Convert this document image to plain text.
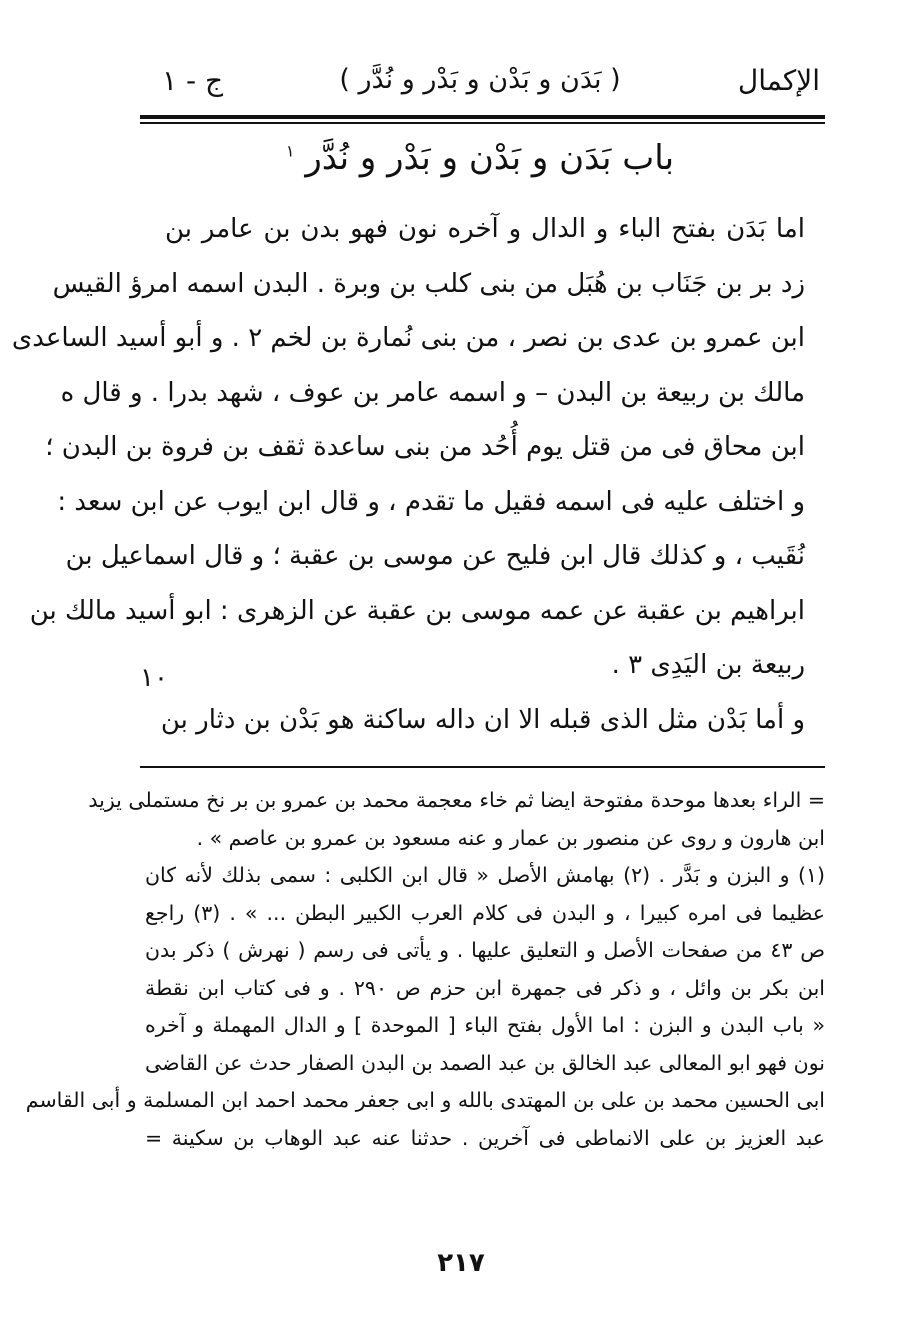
ج - ١	( بَدَن و بَدْن و بَدْر و نُدَّر )	الإكمال
باب بَدَن و بَدْن و بَدْر و نُدَّر $^١$
اما بَدَن بفتح الباء و الدال و آخره نون فهو بدن بن عامر بن
زد بر بن جَنَاب بن هُبَل من بنى كلب بن وبرة . البدن اسمه امرؤ القيس
ابن عمرو بن عدى بن نصر ، من بنى نُمارة بن لخم ٢ . و أبو أسيد الساعدى
مالك بن ربيعة بن البدن – و اسمه عامر بن عوف ، شهد بدرا . و قال ه
ابن محاق فى من قتل يوم أُحُد من بنى ساعدة ثقف بن فروة بن البدن ؛
و اختلف عليه فى اسمه فقيل ما تقدم ، و قال ابن ايوب عن ابن سعد :
نُقَيب ، و كذلك قال ابن فليح عن موسى بن عقبة ؛ و قال اسماعيل بن
ابراهيم بن عقبة عن عمه موسى بن عقبة عن الزهرى : ابو أسيد مالك بن
ربيعة بن اليَدِى ٣ .
و أما بَدْن مثل الذى قبله الا ان داله ساكنة هو بَدْن بن دثار بن
١٠
= الراء بعدها موحدة مفتوحة ايضا ثم خاء معجمة محمد بن عمرو بن بر نخ مستملى يزيد
ابن هارون و روى عن منصور بن عمار و عنه مسعود بن عمرو بن عاصم » .
(١) و البزن و بَدَّر . (٢) بهامش الأصل « قال ابن الكلبى : سمى بذلك لأنه كان
عظيما فى امره كبيرا ، و البدن فى كلام العرب الكبير البطن ... » . (٣) راجع
ص ٤٣ من صفحات الأصل و التعليق عليها . و يأتى فى رسم ( نهرش ) ذكر بدن
ابن بكر بن وائل ، و ذكر فى جمهرة ابن حزم ص ٢٩٠ . و فى كتاب ابن نقطة
« باب البدن و البزن : اما الأول بفتح الباء [ الموحدة ] و الدال المهملة و آخره
نون فهو ابو المعالى عبد الخالق بن عبد الصمد بن البدن الصفار حدث عن القاضى
ابى الحسين محمد بن على بن المهتدى بالله و ابى جعفر محمد احمد ابن المسلمة و أبى القاسم
عبد العزيز بن على الانماطى فى آخرين . حدثنا عنه عبد الوهاب بن سكينة =
٢١٧
